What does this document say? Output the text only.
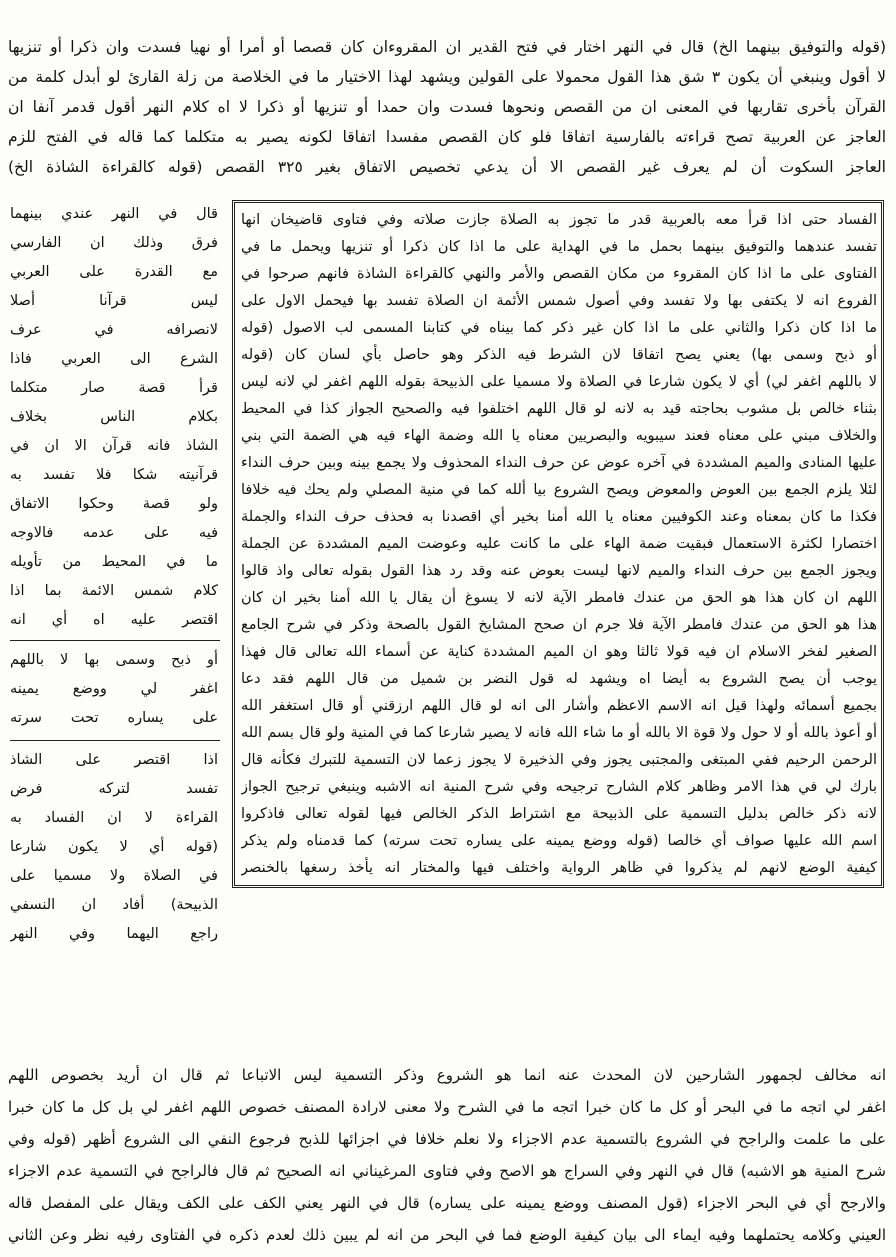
(قوله والتوفيق بينهما الخ) قال في النهر اختار في فتح القدير ان المقروءان كان قصصا أو أمرا أو نهيا فسدت وان ذكرا أو تنزيها
لا أقول وينبغي أن يكون ٣ شق هذا القول محمولا على القولين ويشهد لهذا الاختيار ما في الخلاصة من زلة القارئ لو أبدل كلمة من
القرآن بأخرى تقاربها في المعنى ان من القصص ونحوها فسدت وان حمدا أو تنزيها أو ذكرا لا اه كلام النهر أقول قدمر آنفا ان
العاجز عن العربية تصح قراءته بالفارسية اتفاقا فلو كان القصص مفسدا اتفاقا لكونه يصير به متكلما كما قاله في الفتح للزم
العاجز السكوت أن لم يعرف غير القصص الا أن يدعي تخصيص الاتفاق بغير ٣٢٥ القصص (قوله كالقراءة الشاذة الخ)
الفساد حتى اذا قرأ معه بالعربية قدر ما تجوز به الصلاة جازت صلاته وفي فتاوى قاضيخان انها
تفسد عندهما والتوفيق بينهما بحمل ما في الهداية على ما اذا كان ذكرا أو تنزيها ويحمل ما في
الفتاوى على ما اذا كان المقروء من مكان القصص والأمر والنهي كالقراءة الشاذة فانهم صرحوا في
الفروع انه لا يكتفى بها ولا تفسد وفي أصول شمس الأئمة ان الصلاة تفسد بها فيحمل الاول على
ما اذا كان ذكرا والثاني على ما اذا كان غير ذكر كما بيناه في كتابنا المسمى لب الاصول (قوله
أو ذبح وسمى بها) يعني يصح اتفاقا لان الشرط فيه الذكر وهو حاصل بأي لسان كان (قوله
لا باللهم اغفر لي) أي لا يكون شارعا في الصلاة ولا مسميا على الذبيحة بقوله اللهم اغفر لي لانه ليس
بثناء خالص بل مشوب بحاجته قيد به لانه لو قال اللهم اختلفوا فيه والصحيح الجواز كذا في المحيط
والخلاف مبني على معناه فعند سيبويه والبصريين معناه يا الله وضمة الهاء فيه هي الضمة التي بني
عليها المنادى والميم المشددة في آخره عوض عن حرف النداء المحذوف ولا يجمع بينه وبين حرف النداء
لئلا يلزم الجمع بين العوض والمعوض ويصح الشروع بيا ألله كما في منية المصلي ولم يحك فيه خلافا
فكذا ما كان بمعناه وعند الكوفيين معناه يا الله أمنا بخير أي اقصدنا به فحذف حرف النداء والجملة
اختصارا لكثرة الاستعمال فبقيت ضمة الهاء على ما كانت عليه وعوضت الميم المشددة عن الجملة
ويجوز الجمع بين حرف النداء والميم لانها ليست بعوض عنه وقد رد هذا القول بقوله تعالى واذ قالوا
اللهم ان كان هذا هو الحق من عندك فامطر الآية لانه لا يسوغ أن يقال يا الله أمنا بخير ان كان
هذا هو الحق من عندك فامطر الآية فلا جرم ان صحح المشايخ القول بالصحة وذكر في شرح الجامع
الصغير لفخر الاسلام ان فيه قولا ثالثا وهو ان الميم المشددة كناية عن أسماء الله تعالى قال فهذا
يوجب أن يصح الشروع به أيضا اه ويشهد له قول النضر بن شميل من قال اللهم فقد دعا
بجميع أسمائه ولهذا قيل انه الاسم الاعظم وأشار الى انه لو قال اللهم ارزقني أو قال استغفر الله
أو أعوذ بالله أو لا حول ولا قوة الا بالله أو ما شاء الله فانه لا يصير شارعا كما في المنية ولو قال بسم الله
الرحمن الرحيم ففي المبتغى والمجتبى يجوز وفي الذخيرة لا يجوز زعما لان التسمية للتبرك فكأنه قال
بارك لي في هذا الامر وظاهر كلام الشارح ترجيحه وفي شرح المنية انه الاشبه وينبغي ترجيح الجواز
لانه ذكر خالص بدليل التسمية على الذبيحة مع اشتراط الذكر الخالص فيها لقوله تعالى فاذكروا
اسم الله عليها صواف أي خالصا (قوله ووضع يمينه على يساره تحت سرته) كما قدمناه ولم يذكر
كيفية الوضع لانهم لم يذكروا في ظاهر الرواية واختلف فيها والمختار انه يأخذ رسغها بالخنصر
قال في النهر عندي بينهما
فرق وذلك ان الفارسي
مع القدرة على العربي
ليس قرآنا أصلا
لانصرافه في عرف
الشرع الى العربي فاذا
قرأ قصة صار متكلما
بكلام الناس بخلاف
الشاذ فانه قرآن الا ان في
قرآنيته شكا فلا تفسد به
ولو قصة وحكوا الاتفاق
فيه على عدمه فالاوجه
ما في المحيط من تأويله
كلام شمس الائمة بما اذا
اقتصر عليه اه أي انه
أو ذبح وسمى بها لا باللهم
اغفر لي ووضع يمينه
على يساره تحت سرته
اذا اقتصر على الشاذ
تفسد لتركه فرض
القراءة لا ان الفساد به
(قوله أي لا يكون شارعا
في الصلاة ولا مسميا على
الذبيحة) أفاد ان النسفي
راجع اليهما وفي النهر
انه مخالف لجمهور الشارحين لان المحدث عنه انما هو الشروع وذكر التسمية ليس الاتباعا ثم قال ان أريد بخصوص اللهم
اغفر لي اتجه ما في البحر أو كل ما كان خبرا اتجه ما في الشرح ولا معنى لارادة المصنف خصوص اللهم اغفر لي بل كل ما كان خبرا
على ما علمت والراجح في الشروع بالتسمية عدم الاجزاء ولا نعلم خلافا في اجزائها للذبح فرجوع النفي الى الشروع أظهر (قوله وفي
شرح المنية هو الاشبه) قال في النهر وفي السراج هو الاصح وفي فتاوى المرغيناني انه الصحيح ثم قال فالراجح في التسمية عدم الاجزاء
والارجح أي في البحر الاجزاء (قول المصنف ووضع يمينه على يساره) قال في النهر يعني الكف على الكف ويقال على المفصل قاله
العيني وكلامه يحتملهما وفيه ايماء الى بيان كيفية الوضع فما في البحر من انه لم يبين ذلك لعدم ذكره في الفتاوى رفيه نظر وعن الثاني
